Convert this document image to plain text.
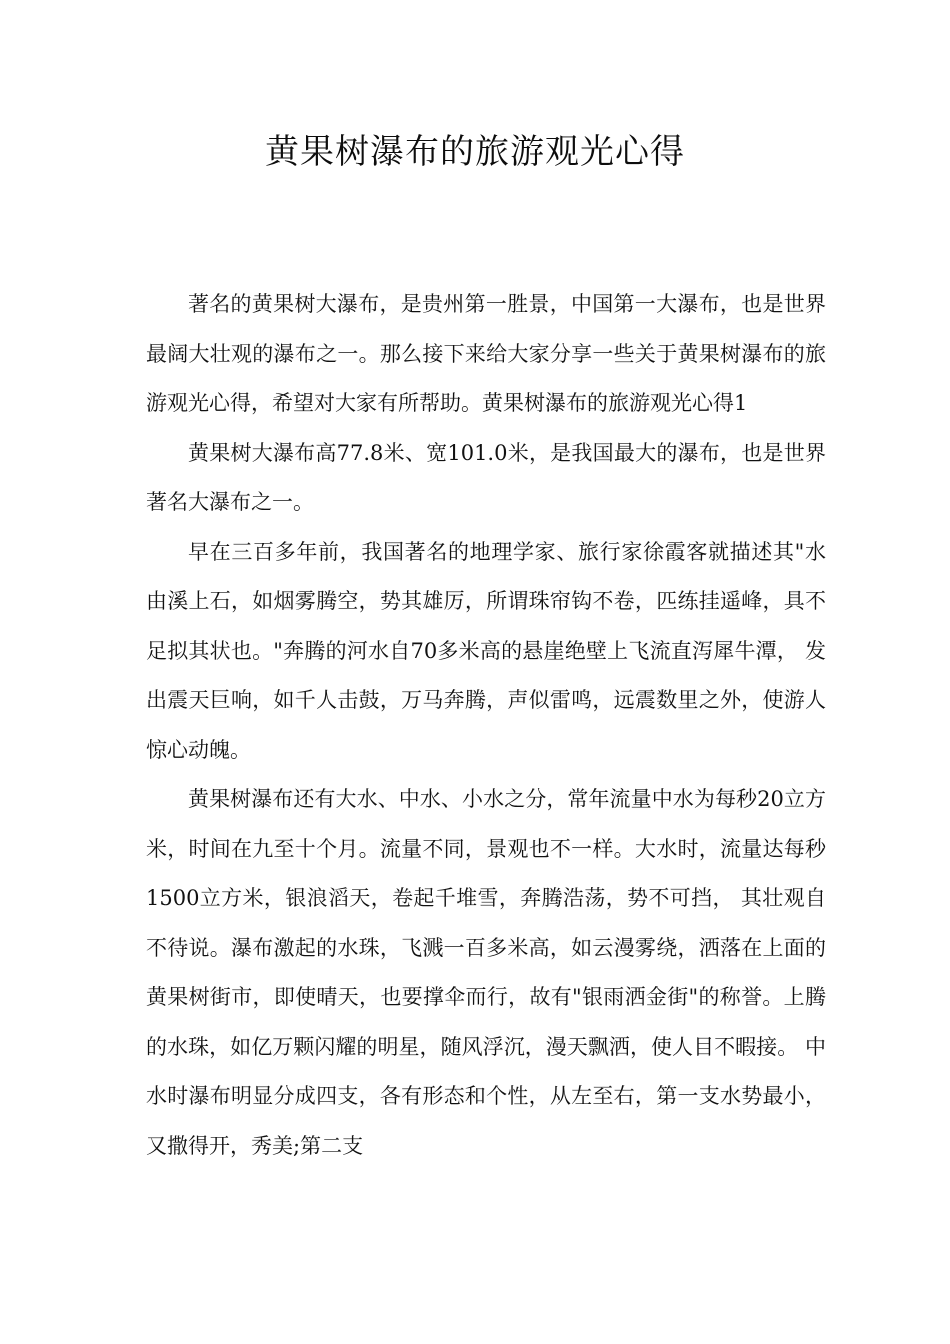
黄果树瀑布的旅游观光心得

著名的黄果树大瀑布，是贵州第一胜景，中国第一大瀑布，也是世界最阔大壮观的瀑布之一。那么接下来给大家分享一些关于黄果树瀑布的旅游观光心得，希望对大家有所帮助。黄果树瀑布的旅游观光心得1

黄果树大瀑布高77.8米、宽101.0米，是我国最大的瀑布，也是世界著名大瀑布之一。

早在三百多年前，我国著名的地理学家、旅行家徐霞客就描述其"水由溪上石，如烟雾腾空，势其雄厉，所谓珠帘钩不卷，匹练挂遥峰，具不足拟其状也。"奔腾的河水自70多米高的悬崖绝壁上飞流直泻犀牛潭， 发出震天巨响，如千人击鼓，万马奔腾，声似雷鸣，远震数里之外，使游人惊心动魄。

黄果树瀑布还有大水、中水、小水之分，常年流量中水为每秒20立方米，时间在九至十个月。流量不同，景观也不一样。大水时，流量达每秒1500立方米，银浪滔天，卷起千堆雪，奔腾浩荡，势不可挡， 其壮观自不待说。瀑布激起的水珠，飞溅一百多米高，如云漫雾绕，洒落在上面的黄果树街市，即使晴天，也要撑伞而行，故有"银雨洒金街"的称誉。上腾的水珠，如亿万颗闪耀的明星，随风浮沉，漫天飘洒，使人目不暇接。 中水时瀑布明显分成四支，各有形态和个性，从左至右，第一支水势最小，又撒得开，秀美;第二支
